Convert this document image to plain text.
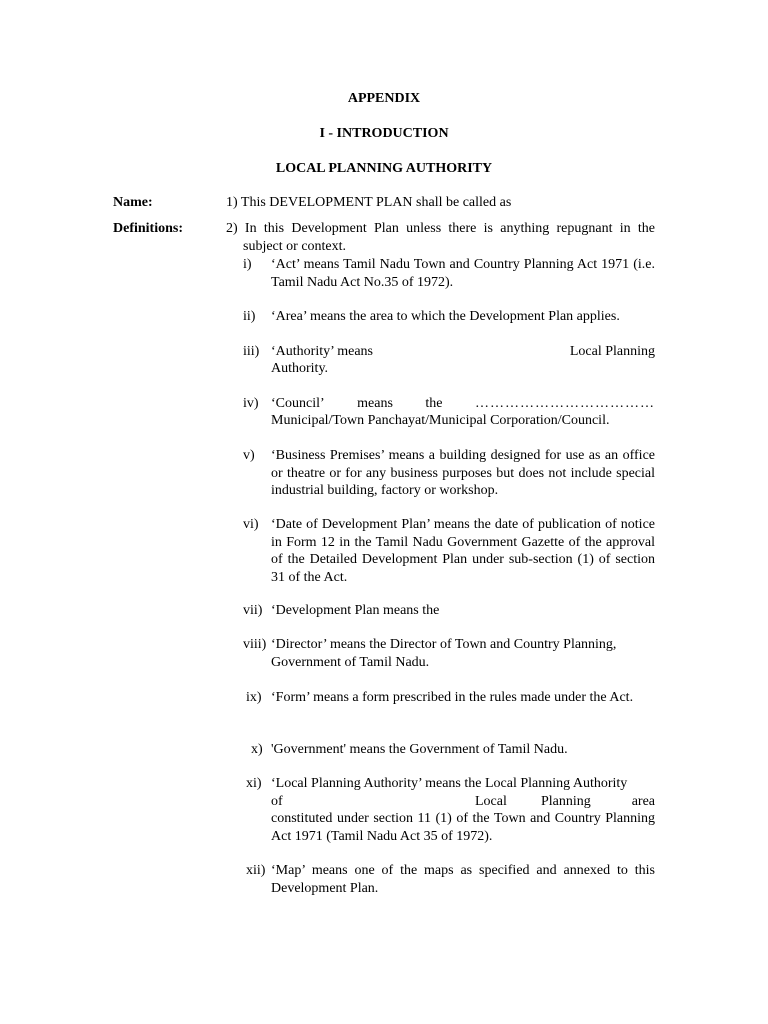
APPENDIX
I - INTRODUCTION
LOCAL PLANNING AUTHORITY
Name:	1) This DEVELOPMENT PLAN shall be called as
Definitions:	2) In this Development Plan unless there is anything repugnant in the
subject or context.
i) ‘Act’ means Tamil Nadu Town and Country Planning Act 1971 (i.e. Tamil Nadu Act No.35 of 1972).
ii) ‘Area’ means the area to which the Development Plan applies.
iii) ‘Authority’ means	Local Planning
Authority.
iv) ‘Council’ means the ………………………………
Municipal/Town Panchayat/Municipal Corporation/Council.
v) ‘Business Premises’ means a building designed for use as an office or theatre or for any business purposes but does not include special industrial building, factory or workshop.
vi) ‘Date of Development Plan’ means the date of publication of notice in Form 12 in the Tamil Nadu Government Gazette of the approval of the Detailed Development Plan under sub-section (1) of section 31 of the Act.
vii) ‘Development Plan means the
viii) ‘Director’ means the Director of Town and Country Planning, Government of Tamil Nadu.
ix) ‘Form’ means a form prescribed in the rules made under the Act.
x) 'Government' means the Government of Tamil Nadu.
xi) ‘Local Planning Authority’ means the Local Planning Authority
of	Local Planning	area
constituted under section 11 (1) of the Town and Country Planning Act 1971 (Tamil Nadu Act 35 of 1972).
xii) ‘Map’ means one of the maps as specified and annexed to this Development Plan.
